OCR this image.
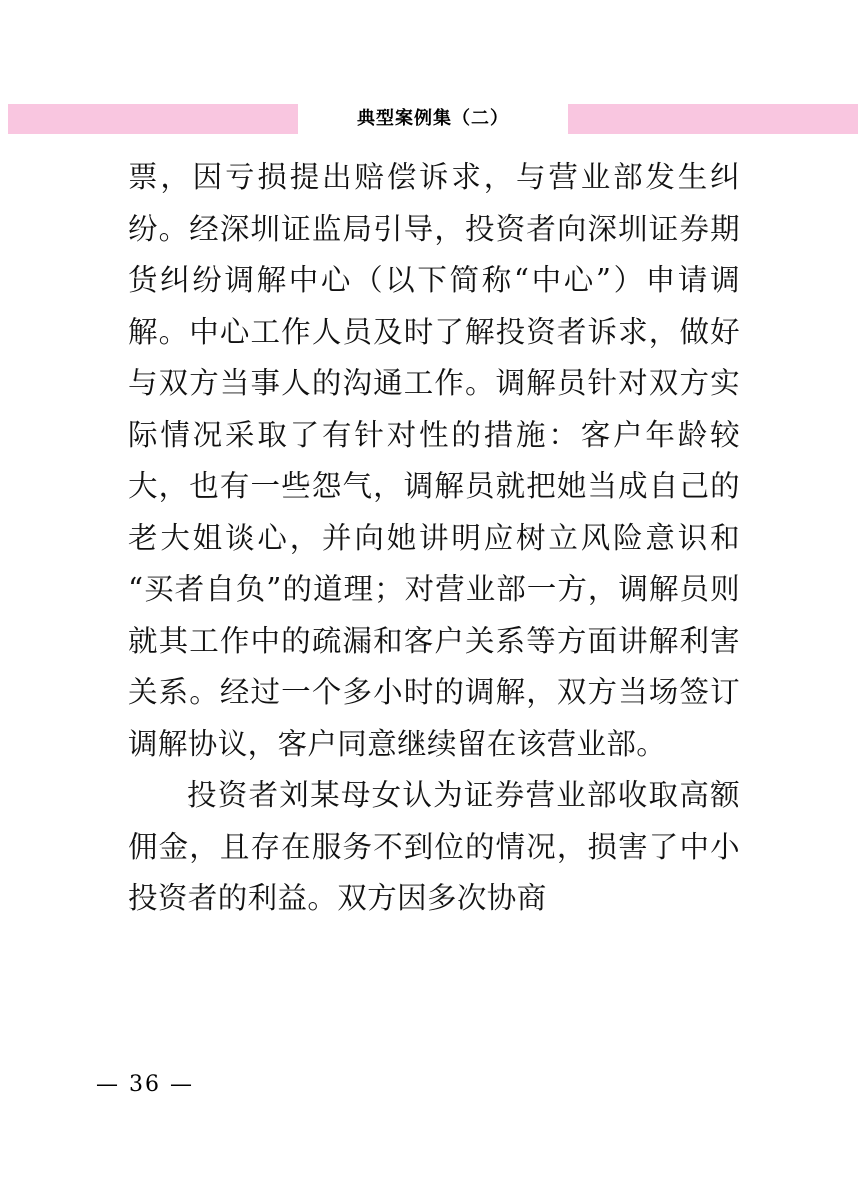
典型案例集（二）

票，因亏损提出赔偿诉求，与营业部发生纠纷。经深圳证监局引导，投资者向深圳证券期货纠纷调解中心（以下简称“中心”）申请调解。中心工作人员及时了解投资者诉求，做好与双方当事人的沟通工作。调解员针对双方实际情况采取了有针对性的措施：客户年龄较大，也有一些怨气，调解员就把她当成自己的老大姐谈心，并向她讲明应树立风险意识和“买者自负”的道理；对营业部一方，调解员则就其工作中的疏漏和客户关系等方面讲解利害关系。经过一个多小时的调解，双方当场签订调解协议，客户同意继续留在该营业部。

投资者刘某母女认为证券营业部收取高额佣金，且存在服务不到位的情况，损害了中小投资者的利益。双方因多次协商

— 36 —
